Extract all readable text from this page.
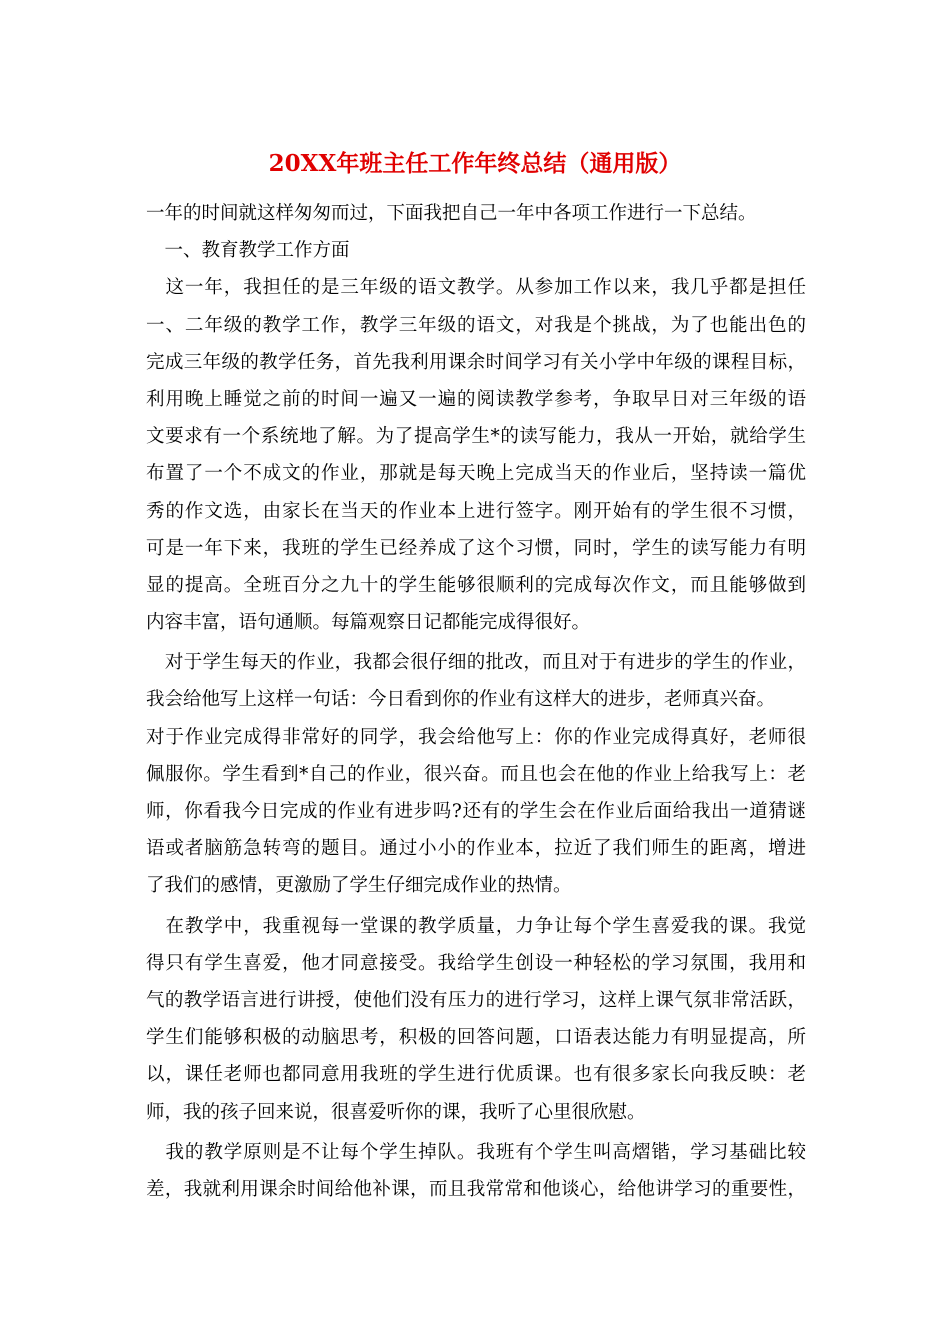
20XX年班主任工作年终总结（通用版）
一年的时间就这样匆匆而过，下面我把自己一年中各项工作进行一下总结。
　一、教育教学工作方面
　这一年，我担任的是三年级的语文教学。从参加工作以来，我几乎都是担任
一、二年级的教学工作，教学三年级的语文，对我是个挑战，为了也能出色的
完成三年级的教学任务，首先我利用课余时间学习有关小学中年级的课程目标，
利用晚上睡觉之前的时间一遍又一遍的阅读教学参考，争取早日对三年级的语
文要求有一个系统地了解。为了提高学生*的读写能力，我从一开始，就给学生
布置了一个不成文的作业，那就是每天晚上完成当天的作业后，坚持读一篇优
秀的作文选，由家长在当天的作业本上进行签字。刚开始有的学生很不习惯，
可是一年下来，我班的学生已经养成了这个习惯，同时，学生的读写能力有明
显的提高。全班百分之九十的学生能够很顺利的完成每次作文，而且能够做到
内容丰富，语句通顺。每篇观察日记都能完成得很好。
　对于学生每天的作业，我都会很仔细的批改，而且对于有进步的学生的作业，
我会给他写上这样一句话：今日看到你的作业有这样大的进步，老师真兴奋。
对于作业完成得非常好的同学，我会给他写上：你的作业完成得真好，老师很
佩服你。学生看到*自己的作业，很兴奋。而且也会在他的作业上给我写上：老
师，你看我今日完成的作业有进步吗?还有的学生会在作业后面给我出一道猜谜
语或者脑筋急转弯的题目。通过小小的作业本，拉近了我们师生的距离，增进
了我们的感情，更激励了学生仔细完成作业的热情。
　在教学中，我重视每一堂课的教学质量，力争让每个学生喜爱我的课。我觉
得只有学生喜爱，他才同意接受。我给学生创设一种轻松的学习氛围，我用和
气的教学语言进行讲授，使他们没有压力的进行学习，这样上课气氛非常活跃，
学生们能够积极的动脑思考，积极的回答问题，口语表达能力有明显提高，所
以，课任老师也都同意用我班的学生进行优质课。也有很多家长向我反映：老
师，我的孩子回来说，很喜爱听你的课，我听了心里很欣慰。
　我的教学原则是不让每个学生掉队。我班有个学生叫高熠锴，学习基础比较
差，我就利用课余时间给他补课，而且我常常和他谈心，给他讲学习的重要性，
